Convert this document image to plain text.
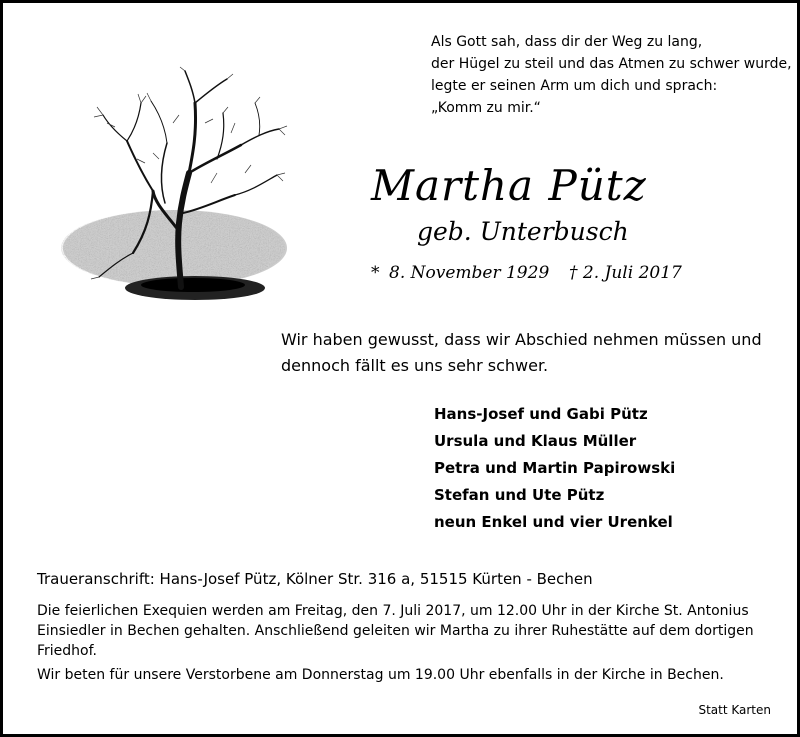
Als Gott sah, dass dir der Weg zu lang,
der Hügel zu steil und das Atmen zu schwer wurde,
legte er seinen Arm um dich und sprach:
„Komm zu mir.“
Martha Pütz
geb. Unterbusch
* 8. November 1929 † 2. Juli 2017
Wir haben gewusst, dass wir Abschied nehmen müssen und
dennoch fällt es uns sehr schwer.
Hans-Josef und Gabi Pütz
Ursula und Klaus Müller
Petra und Martin Papirowski
Stefan und Ute Pütz
neun Enkel und vier Urenkel
Traueranschrift: Hans-Josef Pütz, Kölner Str. 316 a, 51515 Kürten - Bechen
Die feierlichen Exequien werden am Freitag, den 7. Juli 2017, um 12.00 Uhr in der Kirche St. Antonius
Einsiedler in Bechen gehalten. Anschließend geleiten wir Martha zu ihrer Ruhestätte auf dem dortigen
Friedhof.
Wir beten für unsere Verstorbene am Donnerstag um 19.00 Uhr ebenfalls in der Kirche in Bechen.
Statt Karten
